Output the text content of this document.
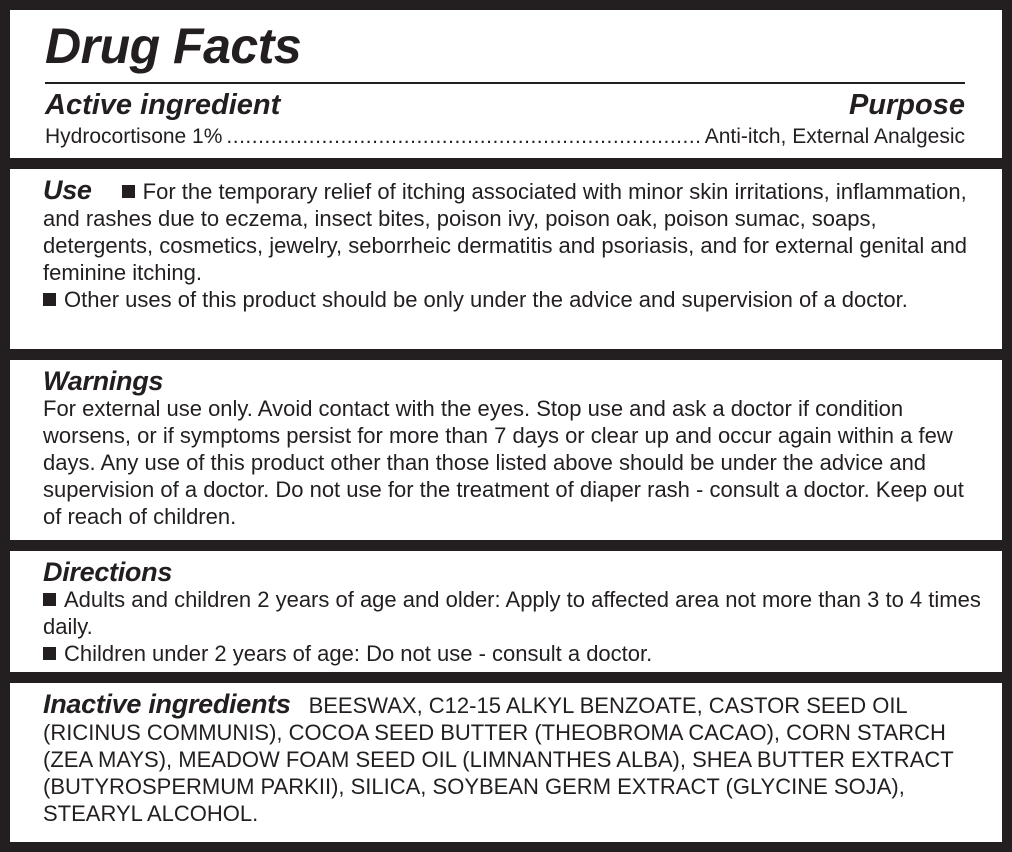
Drug Facts
Active ingredient	Purpose
Hydrocortisone 1%
.....	Anti-itch, External Analgesic
Use For the temporary relief of itching associated with minor skin irritations, inflammation, and rashes due to eczema, insect bites, poison ivy, poison oak, poison sumac, soaps, detergents, cosmetics, jewelry, seborrheic dermatitis and psoriasis, and for external genital and feminine itching.
Other uses of this product should be only under the advice and supervision of a doctor.
Warnings
For external use only. Avoid contact with the eyes. Stop use and ask a doctor if condition worsens, or if symptoms persist for more than 7 days or clear up and occur again within a few days. Any use of this product other than those listed above should be under the advice and supervision of a doctor. Do not use for the treatment of diaper rash - consult a doctor. Keep out of reach of children.
Directions
Adults and children 2 years of age and older: Apply to affected area not more than 3 to 4 times daily.
Children under 2 years of age: Do not use - consult a doctor.
Inactive ingredients BEESWAX, C12-15 ALKYL BENZOATE, CASTOR SEED OIL (RICINUS COMMUNIS), COCOA SEED BUTTER (THEOBROMA CACAO), CORN STARCH (ZEA MAYS), MEADOW FOAM SEED OIL (LIMNANTHES ALBA), SHEA BUTTER EXTRACT (BUTYROSPERMUM PARKII), SILICA, SOYBEAN GERM EXTRACT (GLYCINE SOJA), STEARYL ALCOHOL.
